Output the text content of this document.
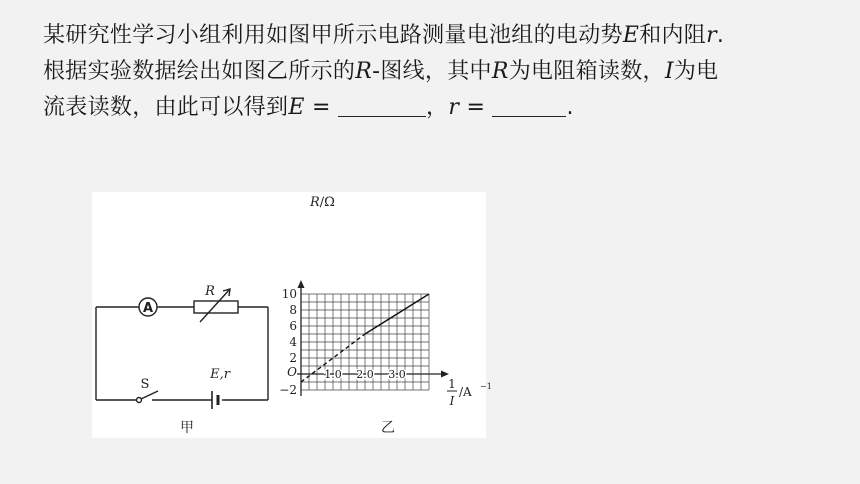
某研究性学习小组利用如图甲所示电路测量电池组的电动势E和内阻r.
根据实验数据绘出如图乙所示的R-图线，其中R为电阻箱读数，I为电
流表读数，由此可以得到E =	，r =	.
A
R
S
E,r
甲
−2
2
4
6
8
10
1.0 2.0 3.0
R/Ω
O
1
I
/A −1
乙
